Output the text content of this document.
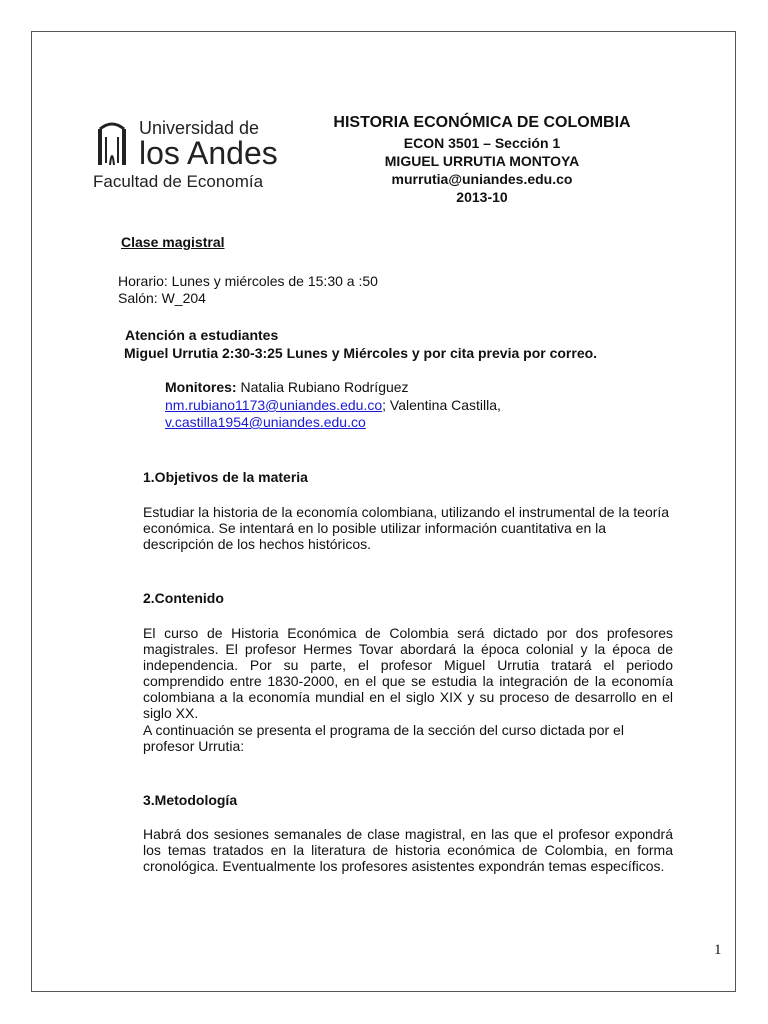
Universidad de
los Andes
Facultad de Economía
HISTORIA ECONÓMICA DE COLOMBIA
ECON 3501 – Sección 1
MIGUEL URRUTIA MONTOYA
murrutia@uniandes.edu.co
2013-10
Clase magistral
Horario: Lunes y miércoles de 15:30 a :50
Salón: W_204
Atención a estudiantes
Miguel Urrutia 2:30-3:25 Lunes y Miércoles y por cita previa por correo.
Monitores: Natalia Rubiano Rodríguez
nm.rubiano1173@uniandes.edu.co; Valentina Castilla,
v.castilla1954@uniandes.edu.co
1.Objetivos de la materia
Estudiar la historia de la economía colombiana, utilizando el instrumental de la teoría económica. Se intentará en lo posible utilizar información cuantitativa en la descripción de los hechos históricos.
2.Contenido
El curso de Historia Económica de Colombia será dictado por dos profesores magistrales. El profesor Hermes Tovar abordará la época colonial y la época de independencia. Por su parte, el profesor Miguel Urrutia tratará el periodo comprendido entre 1830-2000, en el que se estudia la integración de la economía colombiana a la economía mundial en el siglo XIX y su proceso de desarrollo en el siglo XX.
A continuación se presenta el programa de la sección del curso dictada por el profesor Urrutia:
3.Metodología
Habrá dos sesiones semanales de clase magistral, en las que el profesor expondrá los temas tratados en la literatura de historia económica de Colombia, en forma cronológica. Eventualmente los profesores asistentes expondrán temas específicos.
1
